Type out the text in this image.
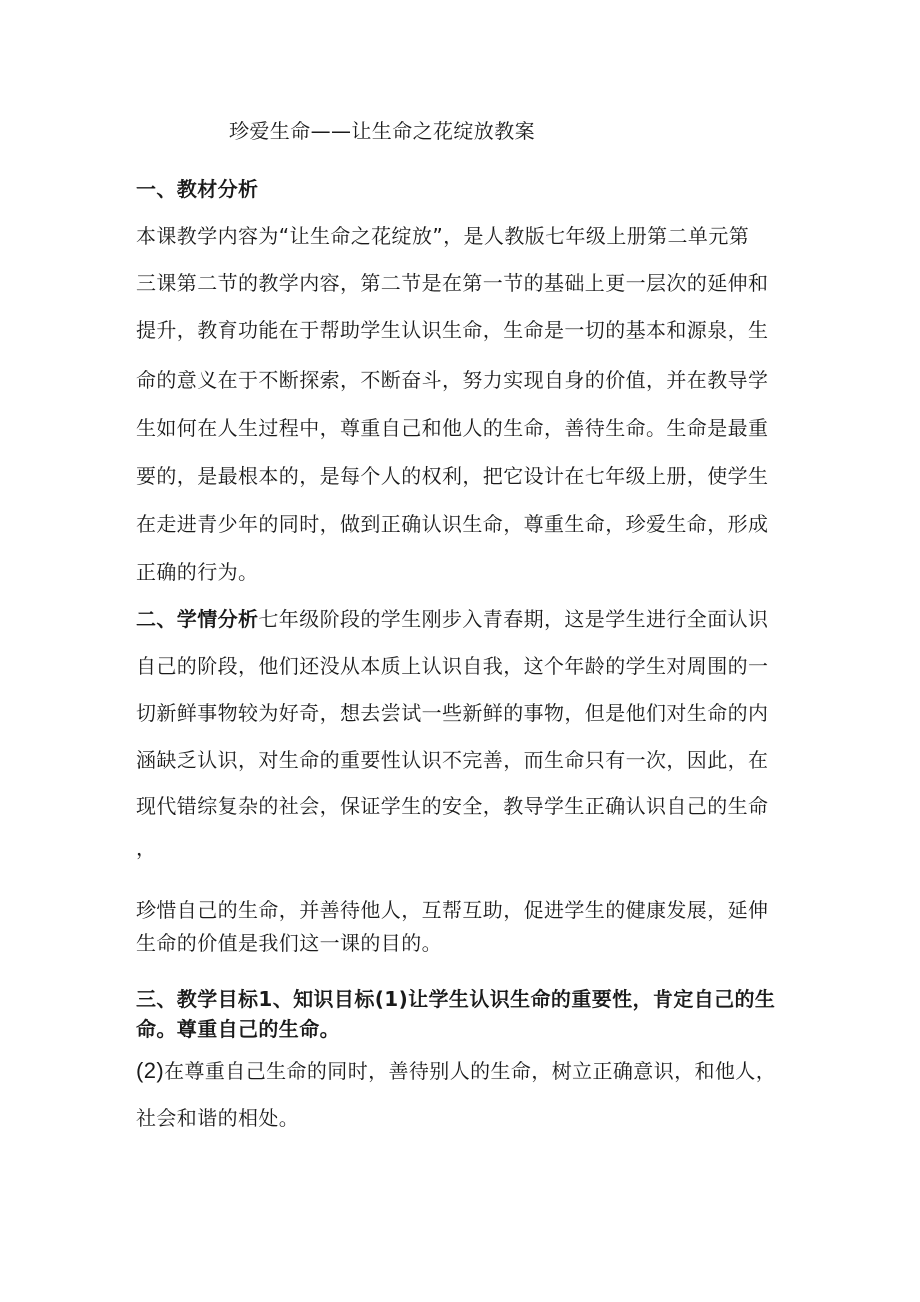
珍爱生命——让生命之花绽放教案
一、教材分析
本课教学内容为“让生命之花绽放”，是人教版七年级上册第二单元第
三课第二节的教学内容，第二节是在第一节的基础上更一层次的延伸和
提升，教育功能在于帮助学生认识生命，生命是一切的基本和源泉，生
命的意义在于不断探索，不断奋斗，努力实现自身的价值，并在教导学
生如何在人生过程中，尊重自己和他人的生命，善待生命。生命是最重
要的，是最根本的，是每个人的权利，把它设计在七年级上册，使学生
在走进青少年的同时，做到正确认识生命，尊重生命，珍爱生命，形成
正确的行为。
二、学情分析七年级阶段的学生刚步入青春期，这是学生进行全面认识
自己的阶段，他们还没从本质上认识自我，这个年龄的学生对周围的一
切新鲜事物较为好奇，想去尝试一些新鲜的事物，但是他们对生命的内
涵缺乏认识，对生命的重要性认识不完善，而生命只有一次，因此，在
现代错综复杂的社会，保证学生的安全，教导学生正确认识自己的生命
，
珍惜自己的生命，并善待他人，互帮互助，促进学生的健康发展，延伸
生命的价值是我们这一课的目的。
三、教学目标1、知识目标(1)让学生认识生命的重要性，肯定自己的生
命。尊重自己的生命。
(2)在尊重自己生命的同时，善待别人的生命，树立正确意识，和他人，
社会和谐的相处。
